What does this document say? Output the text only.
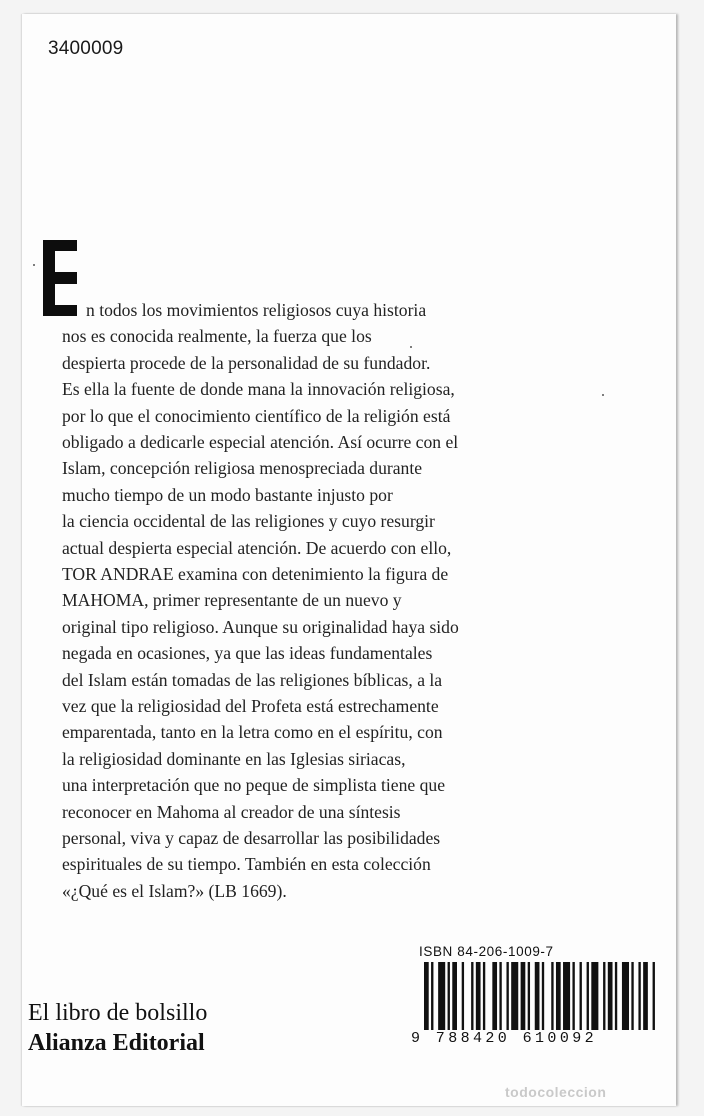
3400009
n todos los movimientos religiosos cuya historia
nos es conocida realmente, la fuerza que los
despierta procede de la personalidad de su fundador.
Es ella la fuente de donde mana la innovación religiosa,
por lo que el conocimiento científico de la religión está
obligado a dedicarle especial atención. Así ocurre con el
Islam, concepción religiosa menospreciada durante
mucho tiempo de un modo bastante injusto por
la ciencia occidental de las religiones y cuyo resurgir
actual despierta especial atención. De acuerdo con ello,
TOR ANDRAE examina con detenimiento la figura de
MAHOMA, primer representante de un nuevo y
original tipo religioso. Aunque su originalidad haya sido
negada en ocasiones, ya que las ideas fundamentales
del Islam están tomadas de las religiones bíblicas, a la
vez que la religiosidad del Profeta está estrechamente
emparentada, tanto en la letra como en el espíritu, con
la religiosidad dominante en las Iglesias siriacas,
una interpretación que no peque de simplista tiene que
reconocer en Mahoma al creador de una síntesis
personal, viva y capaz de desarrollar las posibilidades
espirituales de su tiempo. También en esta colección
«¿Qué es el Islam?» (LB 1669).
ISBN 84-206-1009-7
9 788420 610092
El libro de bolsillo
Alianza Editorial
todocoleccion
